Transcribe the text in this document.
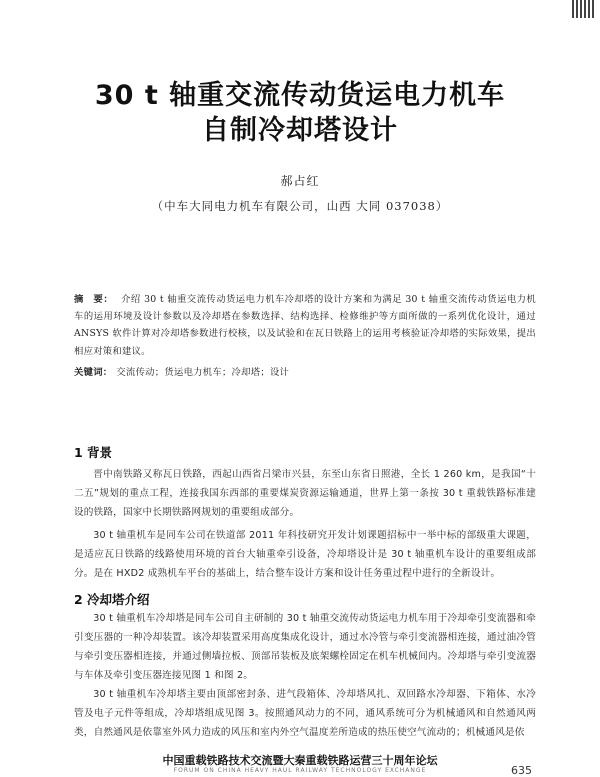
30 t 轴重交流传动货运电力机车
自制冷却塔设计
郝占红
（中车大同电力机车有限公司，山西 大同 037038）
摘　要： 介绍 30 t 轴重交流传动货运电力机车冷却塔的设计方案和为满足 30 t 轴重交流传动货运电力机车的运用环境及设计参数以及冷却塔在参数选择、结构选择、检修维护等方面所做的一系列优化设计，通过 ANSYS 软件计算对冷却塔参数进行校核，以及试验和在瓦日铁路上的运用考核验证冷却塔的实际效果，提出相应对策和建议。
关键词： 交流传动；货运电力机车；冷却塔；设计
1 背景
晋中南铁路又称瓦日铁路，西起山西省吕梁市兴县，东至山东省日照港，全长 1 260 km，是我国“十二五”规划的重点工程，连接我国东西部的重要煤炭资源运输通道，世界上第一条按 30 t 重载铁路标准建设的铁路，国家中长期铁路网规划的重要组成部分。
30 t 轴重机车是同车公司在铁道部 2011 年科技研究开发计划课题招标中一举中标的部级重大课题，是适应瓦日铁路的线路使用环境的首台大轴重牵引设备，冷却塔设计是 30 t 轴重机车设计的重要组成部分。是在 HXD2 成熟机车平台的基础上，结合整车设计方案和设计任务重过程中进行的全新设计。
2 冷却塔介绍
30 t 轴重机车冷却塔是同车公司自主研制的 30 t 轴重交流传动货运电力机车用于冷却牵引变流器和牵引变压器的一种冷却装置。该冷却装置采用高度集成化设计，通过水冷管与牵引变流器相连接，通过油冷管与牵引变压器相连接，并通过侧墙拉板、顶部吊装板及底架螺栓固定在机车机械间内。冷却塔与牵引变流器与车体及牵引变压器连接见图 1 和图 2。
30 t 轴重机车冷却塔主要由顶部密封条、进气段箱体、冷却塔风扎、双回路水冷却器、下箱体、水冷管及电子元件等组成，冷却塔组成见图 3。按照通风动力的不同，通风系统可分为机械通风和自然通风两类，自然通风是依靠室外风力造成的风压和室内外空气温度差所造成的热压使空气流动的；机械通风是依
中国重载铁路技术交流暨大秦重载铁路运营三十周年论坛
FORUM ON CHINA HEAVY HAUL RAILWAY TECHNOLOGY EXCHANGE	635
